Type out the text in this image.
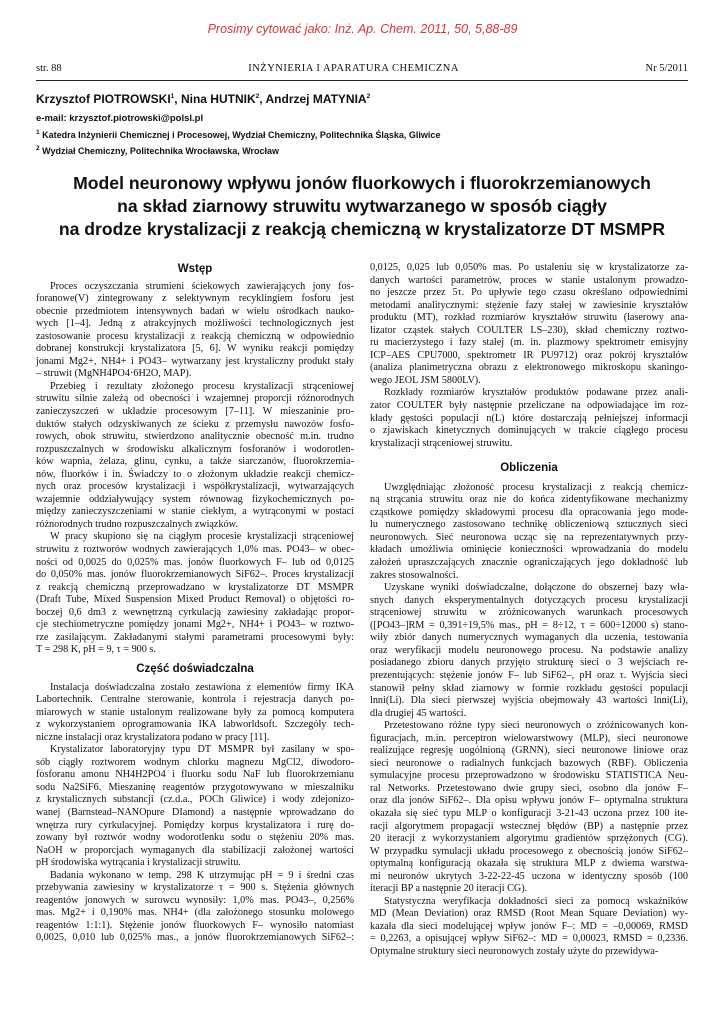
Prosimy cytować jako: Inż. Ap. Chem. 2011, 50, 5,88-89
str. 88	INŻYNIERIA I APARATURA CHEMICZNA	Nr 5/2011
Krzysztof PIOTROWSKI$^1$, Nina HUTNIK$^2$, Andrzej MATYNIA$^2$
e-mail: krzysztof.piotrowski@polsl.pl
$^1$ Katedra Inżynierii Chemicznej i Procesowej, Wydział Chemiczny, Politechnika Śląska, Gliwice
$^2$ Wydział Chemiczny, Politechnika Wrocławska, Wrocław
Model neuronowy wpływu jonów fluorkowych i fluorokrzemianowych
na skład ziarnowy struwitu wytwarzanego w sposób ciągły
na drodze krystalizacji z reakcją chemiczną w krystalizatorze DT MSMPR
Wstęp

Proces oczyszczania strumieni ściekowych zawierających jony fos-

foranowe(V) zintegrowany z selektywnym recyklingiem fosforu jest

obecnie przedmiotem intensywnych badań w wielu ośrodkach nauko-

wych [1–4]. Jedną z atrakcyjnych możliwości technologicznych jest

zastosowanie procesu krystalizacji z reakcją chemiczną w odpowiednio

dobranej konstrukcji krystalizatora [5, 6]. W wyniku reakcji pomiędzy

jonami Mg2+, NH4+ i PO43– wytwarzany jest krystaliczny produkt stały

– struwit (MgNH4PO4·6H2O, MAP).

Przebieg i rezultaty złożonego procesu krystalizacji strąceniowej

struwitu silnie zależą od obecności i wzajemnej proporcji różnorodnych

zanieczyszczeń w układzie procesowym [7–11]. W mieszaninie pro-

duktów stałych odzyskiwanych ze ścieku z przemysłu nawozów fosfo-

rowych, obok struwitu, stwierdzono analitycznie obecność m.in. trudno

rozpuszczalnych w środowisku alkalicznym fosforanów i wodorotlen-

ków wapnia, żelaza, glinu, cynku, a także siarczanów, fluorokrzemia-

nów, fluorków i in. Świadczy to o złożonym układzie reakcji chemicz-

nych oraz procesów krystalizacji i współkrystalizacji, wytwarzających

wzajemnie oddziaływujący system równowag fizykochemicznych po-

między zanieczyszczeniami w stanie ciekłym, a wytrąconymi w postaci

różnorodnych trudno rozpuszczalnych związków.

W pracy skupiono się na ciągłym procesie krystalizacji strąceniowej

struwitu z roztworów wodnych zawierających 1,0% mas. PO43– w obec-

ności od 0,0025 do 0,025% mas. jonów fluorkowych F– lub od 0,0125

do 0,050% mas. jonów fluorokrzemianowych SiF62–. Proces krystalizacji

z reakcją chemiczną przeprowadzano w krystalizatorze DT MSMPR

(Draft Tube, Mixed Suspension Mixed Product Removal) o objętości ro-

boczej 0,6 dm3 z wewnętrzną cyrkulacją zawiesiny zakładając propor-

cje stechiometryczne pomiędzy jonami Mg2+, NH4+ i PO43– w roztwo-

rze zasilającym. Zakładanymi stałymi parametrami procesowymi były:

T = 298 K, pH = 9, τ = 900 s.

Część doświadczalna

Instalacja doświadczalna zostało zestawiona z elementów firmy IKA

Labortechnik. Centralne sterowanie, kontrola i rejestracja danych po-

miarowych w stanie ustalonym realizowane były za pomocą komputera

z wykorzystaniem oprogramowania IKA labworldsoft. Szczegóły tech-

niczne instalacji oraz krystalizatora podano w pracy [11].

Krystalizator laboratoryjny typu DT MSMPR był zasilany w spo-

sób ciągły roztworem wodnym chlorku magnezu MgCl2, diwodoro-

fosforanu amonu NH4H2PO4 i fluorku sodu NaF lub fluorokrzemianu

sodu Na2SiF6. Mieszaninę reagentów przygotowywano w mieszalniku

z krystalicznych substancji (cz.d.a., POCh Gliwice) i wody zdejonizo-

wanej (Barnstead–NANOpure DIamond) a następnie wprowadzano do

wnętrza rury cyrkulacyjnej. Pomiędzy korpus krystalizatora i rurę do-

zowany był roztwór wodny wodorotlenku sodu o stężeniu 20% mas.

NaOH w proporcjach wymaganych dla stabilizacji założonej wartości

pH środowiska wytrącania i krystalizacji struwitu.

Badania wykonano w temp. 298 K utrzymując pH = 9 i średni czas

przebywania zawiesiny w krystalizatorze τ = 900 s. Stężenia głównych

reagentów jonowych w surowcu wynosiły: 1,0% mas. PO43–, 0,256%

mas. Mg2+ i 0,190% mas. NH4+ (dla założonego stosunku molowego

reagentów 1:1:1). Stężenie jonów fluorkowych F– wynosiło natomiast

0,0025, 0,010 lub 0,025% mas., a jonów fluorokrzemianowych SiF62–:

0,0125, 0,025 lub 0,050% mas. Po ustaleniu się w krystalizatorze za-

danych wartości parametrów, proces w stanie ustalonym prowadzo-

no jeszcze przez 5τ. Po upływie tego czasu określano odpowiednimi

metodami analitycznymi: stężenie fazy stałej w zawiesinie kryształów

produktu (MT), rozkład rozmiarów kryształów struwitu (laserowy ana-

lizator cząstek stałych COULTER LS–230), skład chemiczny roztwo-

ru macierzystego i fazy stałej (m. in. plazmowy spektrometr emisyjny

ICP–AES CPU7000, spektrometr IR PU9712) oraz pokrój kryształów

(analiza planimetryczna obrazu z elektronowego mikroskopu skaningo-

wego JEOL JSM 5800LV).

Rozkłady rozmiarów kryształów produktów podawane przez anali-

zator COULTER były następnie przeliczane na odpowiadające im roz-

kłady gęstości populacji n(L) które dostarczają pełniejszej informacji

o zjawiskach kinetycznych dominujących w trakcie ciągłego procesu

krystalizacji strąceniowej struwitu.

Obliczenia

Uwzględniając złożoność procesu krystalizacji z reakcją chemicz-

ną strącania struwitu oraz nie do końca zidentyfikowane mechanizmy

cząstkowe pomiędzy składowymi procesu dla opracowania jego mode-

lu numerycznego zastosowano technikę obliczeniową sztucznych sieci

neuronowych. Sieć neuronowa ucząc się na reprezentatywnych przy-

kładach umożliwia ominięcie konieczności wprowadzania do modelu

założeń upraszczających znacznie ograniczających jego dokładność lub

zakres stosowalności.

Uzyskane wyniki doświadczalne, dołączone do obszernej bazy wła-

snych danych eksperymentalnych dotyczących procesu krystalizacji

strąceniowej struwitu w zróżnicowanych warunkach procesowych

([PO43–]RM = 0,391÷19,5% mas., pH = 8÷12, τ = 600÷12000 s) stano-

wiły zbiór danych numerycznych wymaganych dla uczenia, testowania

oraz weryfikacji modelu neuronowego procesu. Na podstawie analizy

posiadanego zbioru danych przyjęto strukturę sieci o 3 wejściach re-

prezentujących: stężenie jonów F– lub SiF62–, pH oraz τ. Wyjścia sieci

stanowił pełny skład ziarnowy w formie rozkładu gęstości populacji

lnni(Li). Dla sieci pierwszej wyjścia obejmowały 43 wartości lnni(Li),

dla drugiej 45 wartości.

Przetestowano różne typy sieci neuronowych o zróżnicowanych kon-

figuracjach, m.in. perceptron wielowarstwowy (MLP), sieci neuronowe

realizujące regresję uogólnioną (GRNN), sieci neuronowe liniowe oraz

sieci neuronowe o radialnych funkcjach bazowych (RBF). Obliczenia

symulacyjne procesu przeprowadzono w środowisku STATISTICA Neu-

ral Networks. Przetestowano dwie grupy sieci, osobno dla jonów F–

oraz dla jonów SiF62–. Dla opisu wpływu jonów F– optymalna struktura

okazała się sieć typu MLP o konfiguracji 3-21-43 uczona przez 100 ite-

racji algorytmem propagacji wstecznej błędów (BP) a następnie przez

20 iteracji z wykorzystaniem algorytmu gradientów sprzężonych (CG).

W przypadku symulacji układu procesowego z obecnością jonów SiF62–

optymalną konfiguracją okazała się struktura MLP z dwiema warstwa-

mi neuronów ukrytych 3-22-22-45 uczona w identyczny sposób (100

iteracji BP a następnie 20 iteracji CG).

Statystyczna weryfikacja dokładności sieci za pomocą wskaźników

MD (Mean Deviation) oraz RMSD (Root Mean Square Deviation) wy-

kazała dla sieci modelującej wpływ jonów F–: MD = –0,00069, RMSD

= 0,2263, a opisującej wpływ SiF62–: MD = 0,00023, RMSD = 0,2336.

Optymalne struktury sieci neuronowych zostały użyte do przewidywa-
